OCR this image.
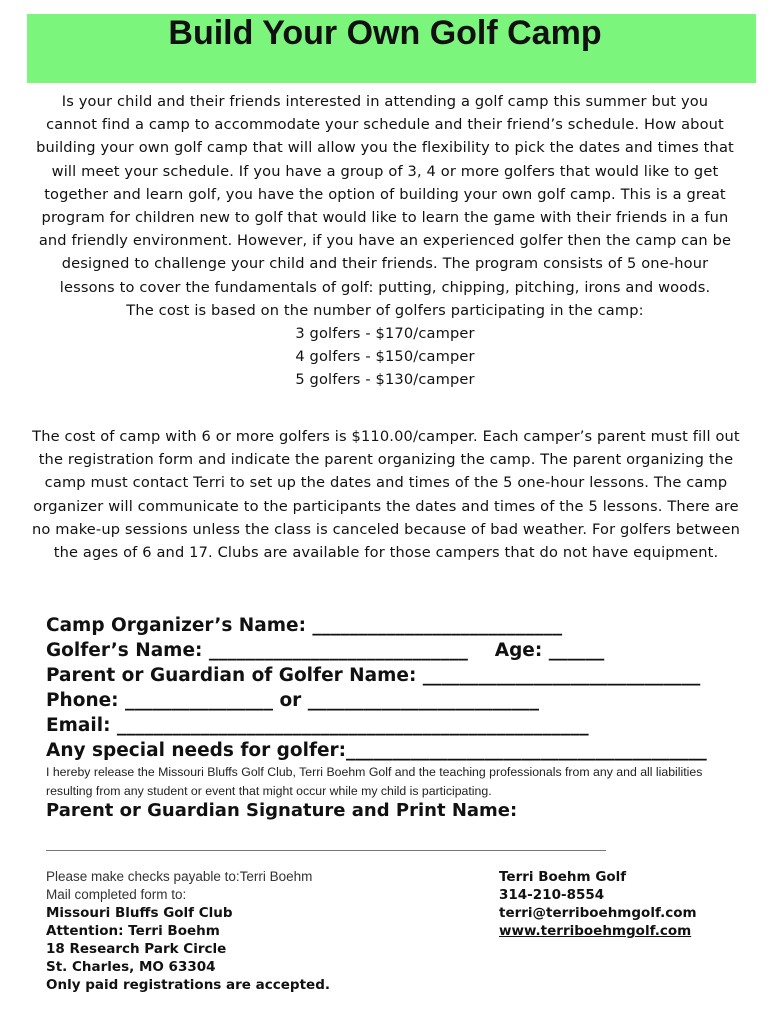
Build Your Own Golf Camp

Is your child and their friends interested in attending a golf camp this summer but you cannot find a camp to accommodate your schedule and their friend’s schedule. How about building your own golf camp that will allow you the flexibility to pick the dates and times that will meet your schedule. If you have a group of 3, 4 or more golfers that would like to get together and learn golf, you have the option of building your own golf camp. This is a great program for children new to golf that would like to learn the game with their friends in a fun and friendly environment. However, if you have an experienced golfer then the camp can be designed to challenge your child and their friends. The program consists of 5 one-hour lessons to cover the fundamentals of golf: putting, chipping, pitching, irons and woods.

The cost is based on the number of golfers participating in the camp:

3 golfers - $170/camper
4 golfers - $150/camper
5 golfers - $130/camper
The cost of camp with 6 or more golfers is $110.00/camper. Each camper’s parent must fill out the registration form and indicate the parent organizing the camp. The parent organizing the camp must contact Terri to set up the dates and times of the 5 one-hour lessons. The camp organizer will communicate to the participants the dates and times of the 5 lessons. There are no make-up sessions unless the class is canceled because of bad weather. For golfers between the ages of 6 and 17. Clubs are available for those campers that do not have equipment.
Camp Organizer’s Name: ___________________________
Golfer’s Name: ____________________________ Age: ______
Parent or Guardian of Golfer Name: ______________________________
Phone: ________________ or _________________________
Email: ___________________________________________________
Any special needs for golfer:_______________________________________
I hereby release the Missouri Bluffs Golf Club, Terri Boehm Golf and the teaching professionals from any and all liabilities resulting from any student or event that might occur while my child is participating.
Parent or Guardian Signature and Print Name:
Please make checks payable to:Terri Boehm
Mail completed form to:
Missouri Bluffs Golf Club
Attention: Terri Boehm
18 Research Park Circle
St. Charles, MO 63304
Only paid registrations are accepted.
Terri Boehm Golf
314-210-8554
terri@terriboehmgolf.com
www.terriboehmgolf.com
